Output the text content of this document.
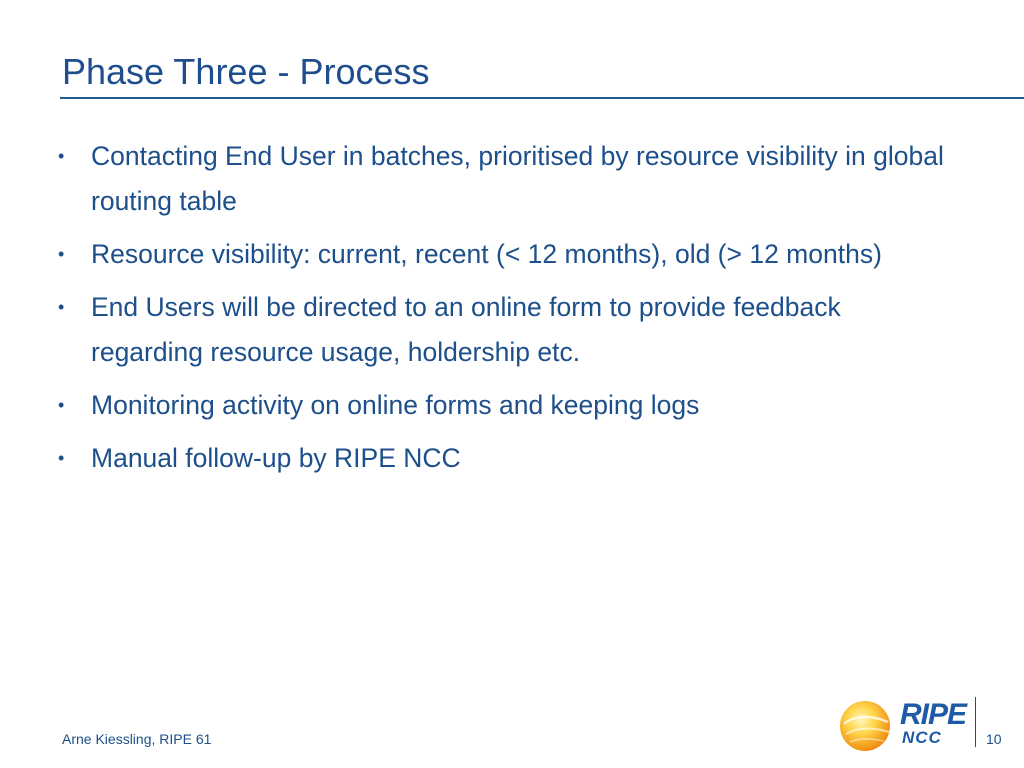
Phase Three - Process
• Contacting End User in batches, prioritised by resource visibility in global routing table
• Resource visibility: current, recent (< 12 months), old (> 12 months)
• End Users will be directed to an online form to provide feedback regarding resource usage, holdership etc.
• Monitoring activity on online forms and keeping logs
• Manual follow-up by RIPE NCC
Arne Kiessling, RIPE 61
RIPE
NCC	10
